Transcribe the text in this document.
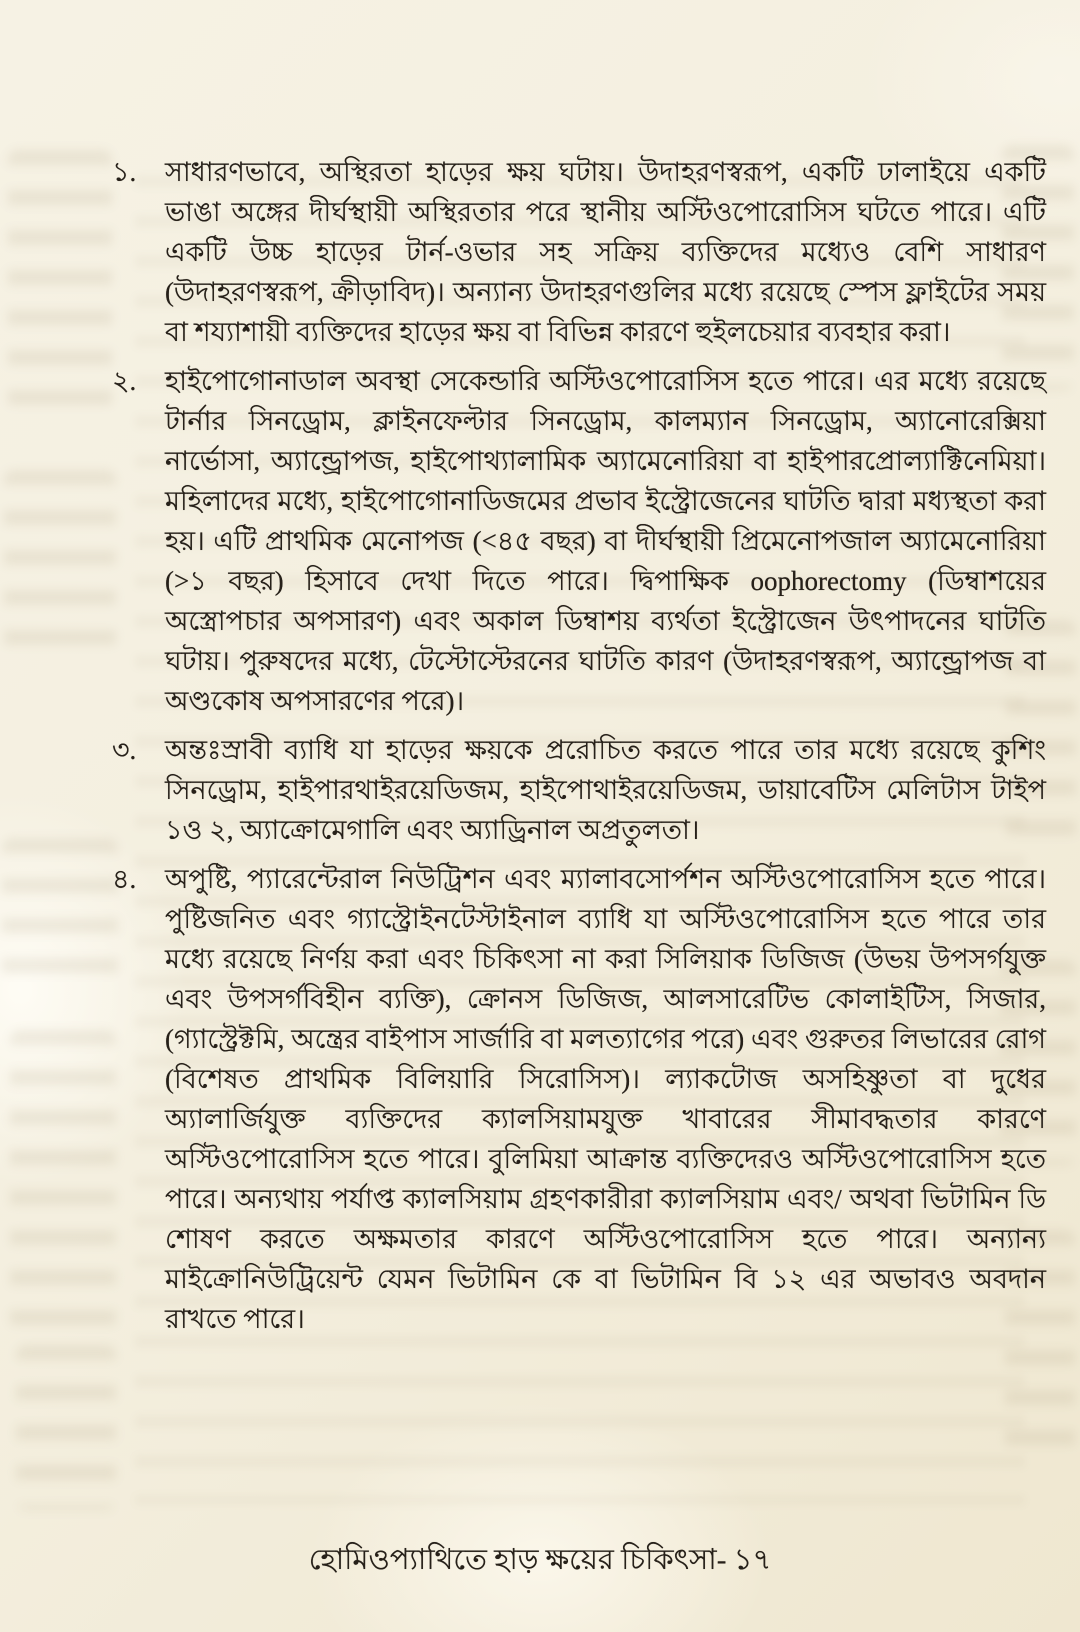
১.	সাধারণভাবে, অস্থিরতা হাড়ের ক্ষয় ঘটায়। উদাহরণস্বরূপ, একটি ঢালাইয়ে একটি ভাঙা অঙ্গের দীর্ঘস্থায়ী অস্থিরতার পরে স্থানীয় অস্টিওপোরোসিস ঘটতে পারে। এটি একটি উচ্চ হাড়ের টার্ন-ওভার সহ সক্রিয় ব্যক্তিদের মধ্যেও বেশি সাধারণ (উদাহরণস্বরূপ, ক্রীড়াবিদ)। অন্যান্য উদাহরণগুলির মধ্যে রয়েছে স্পেস ফ্লাইটের সময় বা শয্যাশায়ী ব্যক্তিদের হাড়ের ক্ষয় বা বিভিন্ন কারণে হুইলচেয়ার ব্যবহার করা।
২.	হাইপোগোনাডাল অবস্থা সেকেন্ডারি অস্টিওপোরোসিস হতে পারে। এর মধ্যে রয়েছে টার্নার সিনড্রোম, ক্লাইনফেল্টার সিনড্রোম, কালম্যান সিনড্রোম, অ্যানোরেক্সিয়া নার্ভোসা, অ্যান্ড্রোপজ, হাইপোথ্যালামিক অ্যামেনোরিয়া বা হাইপারপ্রোল্যাক্টিনেমিয়া। মহিলাদের মধ্যে, হাইপোগোনাডিজমের প্রভাব ইস্ট্রোজেনের ঘাটতি দ্বারা মধ্যস্থতা করা হয়। এটি প্রাথমিক মেনোপজ (<৪৫ বছর) বা দীর্ঘস্থায়ী প্রিমেনোপজাল অ্যামেনোরিয়া (>১ বছর) হিসাবে দেখা দিতে পারে। দ্বিপাক্ষিক oophorectomy (ডিম্বাশয়ের অস্ত্রোপচার অপসারণ) এবং অকাল ডিম্বাশয় ব্যর্থতা ইস্ট্রোজেন উৎপাদনের ঘাটতি ঘটায়। পুরুষদের মধ্যে, টেস্টোস্টেরনের ঘাটতি কারণ (উদাহরণস্বরূপ, অ্যান্ড্রোপজ বা অণ্ডকোষ অপসারণের পরে)।
৩.	অন্তঃস্রাবী ব্যাধি যা হাড়ের ক্ষয়কে প্ররোচিত করতে পারে তার মধ্যে রয়েছে কুশিং সিনড্রোম, হাইপারথাইরয়েডিজম, হাইপোথাইরয়েডিজম, ডায়াবেটিস মেলিটাস টাইপ ১ও ২, অ্যাক্রোমেগালি এবং অ্যাড্রিনাল অপ্রতুলতা।
৪.	অপুষ্টি, প্যারেন্টেরাল নিউট্রিশন এবং ম্যালাবসোর্পশন অস্টিওপোরোসিস হতে পারে। পুষ্টিজনিত এবং গ্যাস্ট্রোইনটেস্টাইনাল ব্যাধি যা অস্টিওপোরোসিস হতে পারে তার মধ্যে রয়েছে নির্ণয় করা এবং চিকিৎসা না করা সিলিয়াক ডিজিজ (উভয় উপসর্গযুক্ত এবং উপসর্গবিহীন ব্যক্তি), ক্রোনস ডিজিজ, আলসারেটিভ কোলাইটিস, সিজার, (গ্যাস্ট্রেক্টমি, অন্ত্রের বাইপাস সার্জারি বা মলত্যাগের পরে) এবং গুরুতর লিভারের রোগ (বিশেষত প্রাথমিক বিলিয়ারি সিরোসিস)। ল্যাকটোজ অসহিষ্ণুতা বা দুধের অ্যালার্জিযুক্ত ব্যক্তিদের ক্যালসিয়ামযুক্ত খাবারের সীমাবদ্ধতার কারণে অস্টিওপোরোসিস হতে পারে। বুলিমিয়া আক্রান্ত ব্যক্তিদেরও অস্টিওপোরোসিস হতে পারে। অন্যথায় পর্যাপ্ত ক্যালসিয়াম গ্রহণকারীরা ক্যালসিয়াম এবং/ অথবা ভিটামিন ডি শোষণ করতে অক্ষমতার কারণে অস্টিওপোরোসিস হতে পারে। অন্যান্য মাইক্রোনিউট্রিয়েন্ট যেমন ভিটামিন কে বা ভিটামিন বি ১২ এর অভাবও অবদান রাখতে পারে।
হোমিওপ্যাথিতে হাড় ক্ষয়ের চিকিৎসা- ১৭
